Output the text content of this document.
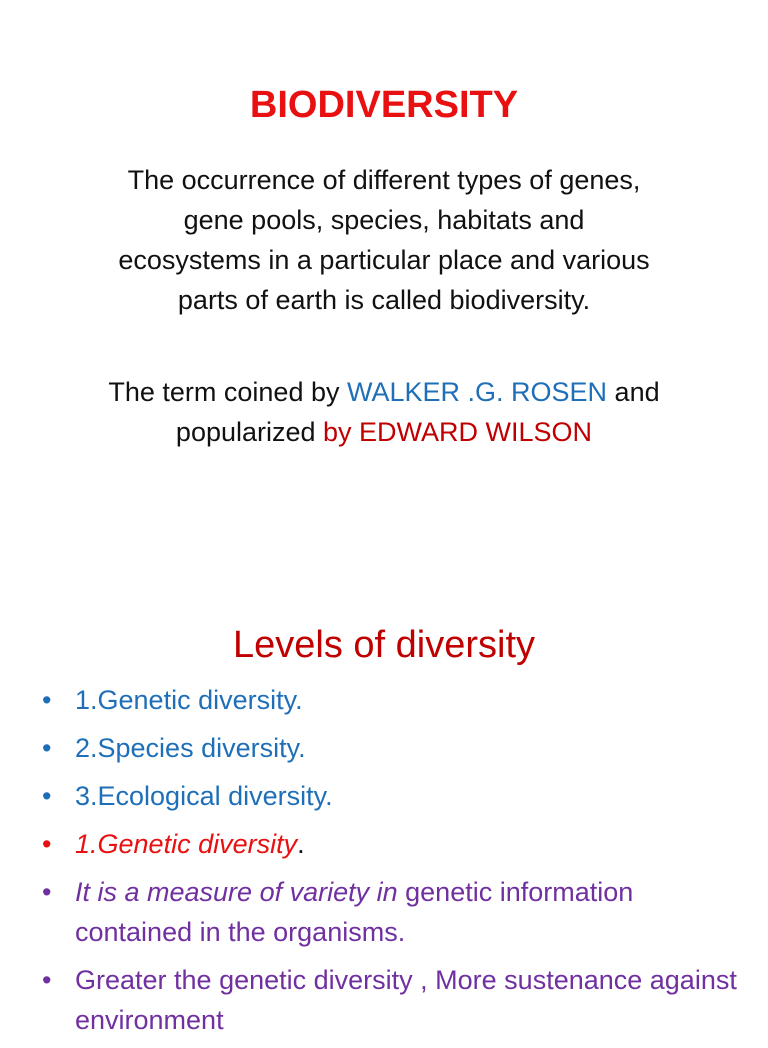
BIODIVERSITY
The occurrence of different types of genes, gene pools, species, habitats and ecosystems in a particular place and various parts of earth is called biodiversity.
The term coined by WALKER .G. ROSEN and popularized by EDWARD WILSON
Levels of diversity
• 1.Genetic diversity.
• 2.Species diversity.
• 3.Ecological diversity.
• 1.Genetic diversity.
• It is a measure of variety in genetic information contained in the organisms.
• Greater the genetic diversity , More sustenance against environment
